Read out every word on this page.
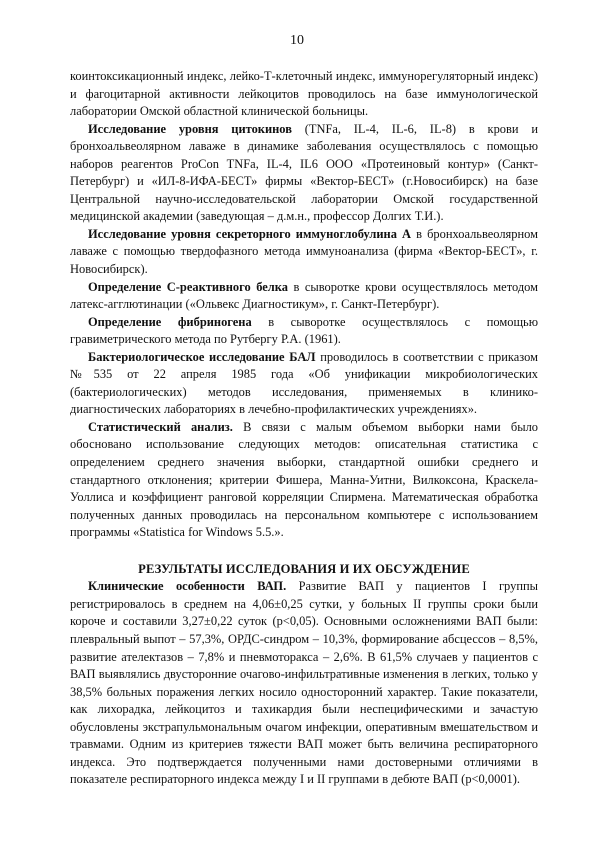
10

коинтоксикационный индекс, лейко-Т-клеточный индекс, иммунорегуляторный индекс) и фагоцитарной активности лейкоцитов проводилось на базе иммунологической лаборатории Омской областной клинической больницы.

Исследование уровня цитокинов (TNFa, IL-4, IL-6, IL-8) в крови и бронхоальвеолярном лаваже в динамике заболевания осуществлялось с помощью наборов реагентов ProCon TNFa, IL-4, IL6 ООО «Протеиновый контур» (Санкт-Петербург) и «ИЛ-8-ИФА-БЕСТ» фирмы «Вектор-БЕСТ» (г.Новосибирск) на базе Центральной научно-исследовательской лаборатории Омской государственной медицинской академии (заведующая – д.м.н., профессор Долгих Т.И.).

Исследование уровня секреторного иммуноглобулина А в бронхоальвеолярном лаваже с помощью твердофазного метода иммуноанализа (фирма «Вектор-БЕСТ», г. Новосибирск).

Определение С-реактивного белка в сыворотке крови осуществлялось методом латекс-агглютинации («Ольвекс Диагностикум», г. Санкт-Петербург).

Определение фибриногена в сыворотке осуществлялось с помощью гравиметрического метода по Рутбергу Р.А. (1961).

Бактериологическое исследование БАЛ проводилось в соответствии с приказом №535 от 22 апреля 1985 года «Об унификации микробиологических (бактериологических) методов исследования, применяемых в клинико-диагностических лабораториях в лечебно-профилактических учреждениях».

Статистический анализ. В связи с малым объемом выборки нами было обосновано использование следующих методов: описательная статистика с определением среднего значения выборки, стандартной ошибки среднего и стандартного отклонения; критерии Фишера, Манна-Уитни, Вилкоксона, Краскела-Уоллиса и коэффициент ранговой корреляции Спирмена. Математическая обработка полученных данных проводилась на персональном компьютере с использованием программы «Statistica for Windows 5.5.».

РЕЗУЛЬТАТЫ ИССЛЕДОВАНИЯ И ИХ ОБСУЖДЕНИЕ

Клинические особенности ВАП. Развитие ВАП у пациентов I группы регистрировалось в среднем на 4,06±0,25 сутки, у больных II группы сроки были короче и составили 3,27±0,22 суток (p<0,05). Основными осложнениями ВАП были: плевральный выпот – 57,3%, ОРДС-синдром – 10,3%, формирование абсцессов – 8,5%, развитие ателектазов – 7,8% и пневмоторакса – 2,6%. В 61,5% случаев у пациентов с ВАП выявлялись двусторонние очагово-инфильтративные изменения в легких, только у 38,5% больных поражения легких носило односторонний характер. Такие показатели, как лихорадка, лейкоцитоз и тахикардия были неспецифическими и зачастую обусловлены экстрапульмональным очагом инфекции, оперативным вмешательством и травмами. Одним из критериев тяжести ВАП может быть величина респираторного индекса. Это подтверждается полученными нами достоверными отличиями в показателе респираторного индекса между I и II группами в дебюте ВАП (p<0,0001).
